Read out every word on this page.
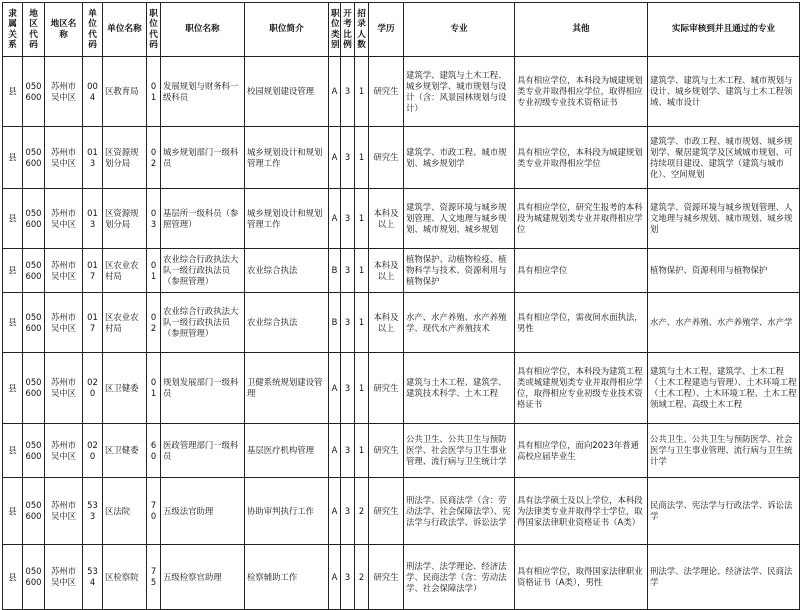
隶属关系	地区代码	地区名称	单位代码	单位名称	职位代码	职位名称	职位简介	职位类别	开考比例	招录人数	学历	专业	其他	实际审核到并且通过的专业
县	050600	苏州市吴中区	004	区教育局	01	发展规划与财务科一级科员	校园规划建设管理	A	3	1	研究生	建筑学、建筑与土木工程、城乡规划学、城市规划与设计（含：风景园林规划与设计）	具有相应学位，本科段为城建规划类专业并取得相应学位，取得相应专业初级专业技术资格证书	建筑学、建筑与土木工程、城市规划与设计、城乡规划学、建筑与土木工程领域、城市设计
县	050600	苏州市吴中区	013	区资源规划分局	02	城乡规划部门一级科员	城乡规划设计和规划管理工作	A	3	1	研究生	建筑学、市政工程、城市规划、城乡规划学	具有相应学位，本科段为城建规划类专业并取得相应学位	建筑学、市政工程、城市规划、城乡规划学、聚居建筑学及区域城市规划、可持续项目建设、建筑学（建筑与城市化）、空间规划
县	050600	苏州市吴中区	013	区资源规划分局	03	基层所一级科员（参照管理）	城乡规划设计和规划管理工作	A	3	1	本科及以上	建筑学、资源环境与城乡规划管理、人文地理与城乡规划、城市规划、城乡规划	具有相应学位，研究生报考的本科段为城建规划类专业并取得相应学位	建筑学、资源环境与城乡规划管理、人文地理与城乡规划、城市规划、城乡规划
县	050600	苏州市吴中区	017	区农业农村局	01	农业综合行政执法大队一级行政执法员（参照管理）	农业综合执法	B	3	1	本科及以上	植物保护、动植物检疫、植物科学与技术、资源利用与植物保护	具有相应学位	植物保护、资源利用与植物保护
县	050600	苏州市吴中区	017	区农业农村局	02	农业综合行政执法大队一级行政执法员（参照管理）	农业综合执法	B	3	1	本科及以上	水产、水产养殖、水产养殖学、现代水产养殖技术	具有相应学位，需夜间水面执法，男性	水产、水产养殖、水产养殖学、水产学
县	050600	苏州市吴中区	020	区卫健委	01	规划发展部门一级科员	卫健系统规划建设管理	A	3	1	研究生	建筑与土木工程、建筑学、建筑技术科学、土木工程	具有相应学位，本科段为建筑工程类或城建规划类专业并取得相应学位，取得相应专业初级专业技术资格证书	建筑与土木工程、建筑学、土木工程（土木工程建造与管理）、土木环境工程（土木工程）、土木环境工程、土木工程领域工程、高级土木工程
县	050600	苏州市吴中区	020	区卫健委	60	医政管理部门一级科员	基层医疗机构管理	A	3	1	研究生	公共卫生、公共卫生与预防医学、社会医学与卫生事业管理、流行病与卫生统计学	具有相应学位，面向2023年普通高校应届毕业生	公共卫生、公共卫生与预防医学、社会医学与卫生事业管理、流行病与卫生统计学
县	050600	苏州市吴中区	533	区法院	70	五级法官助理	协助审判执行工作	A	3	2	研究生	刑法学、民商法学（含：劳动法学、社会保障法学）、宪法学与行政法学、诉讼法学	具有法学硕士及以上学位，本科段为法律类专业并取得学士学位，取得国家法律职业资格证书（A类）	民商法学、宪法学与行政法学、诉讼法学
县	050600	苏州市吴中区	534	区检察院	75	五级检察官助理	检察辅助工作	A	3	2	研究生	刑法学、法学理论、经济法学、民商法学（含：劳动法学、社会保障法学）	具有相应学位，取得国家法律职业资格证书（A类），男性	刑法学、法学理论、经济法学、民商法学
